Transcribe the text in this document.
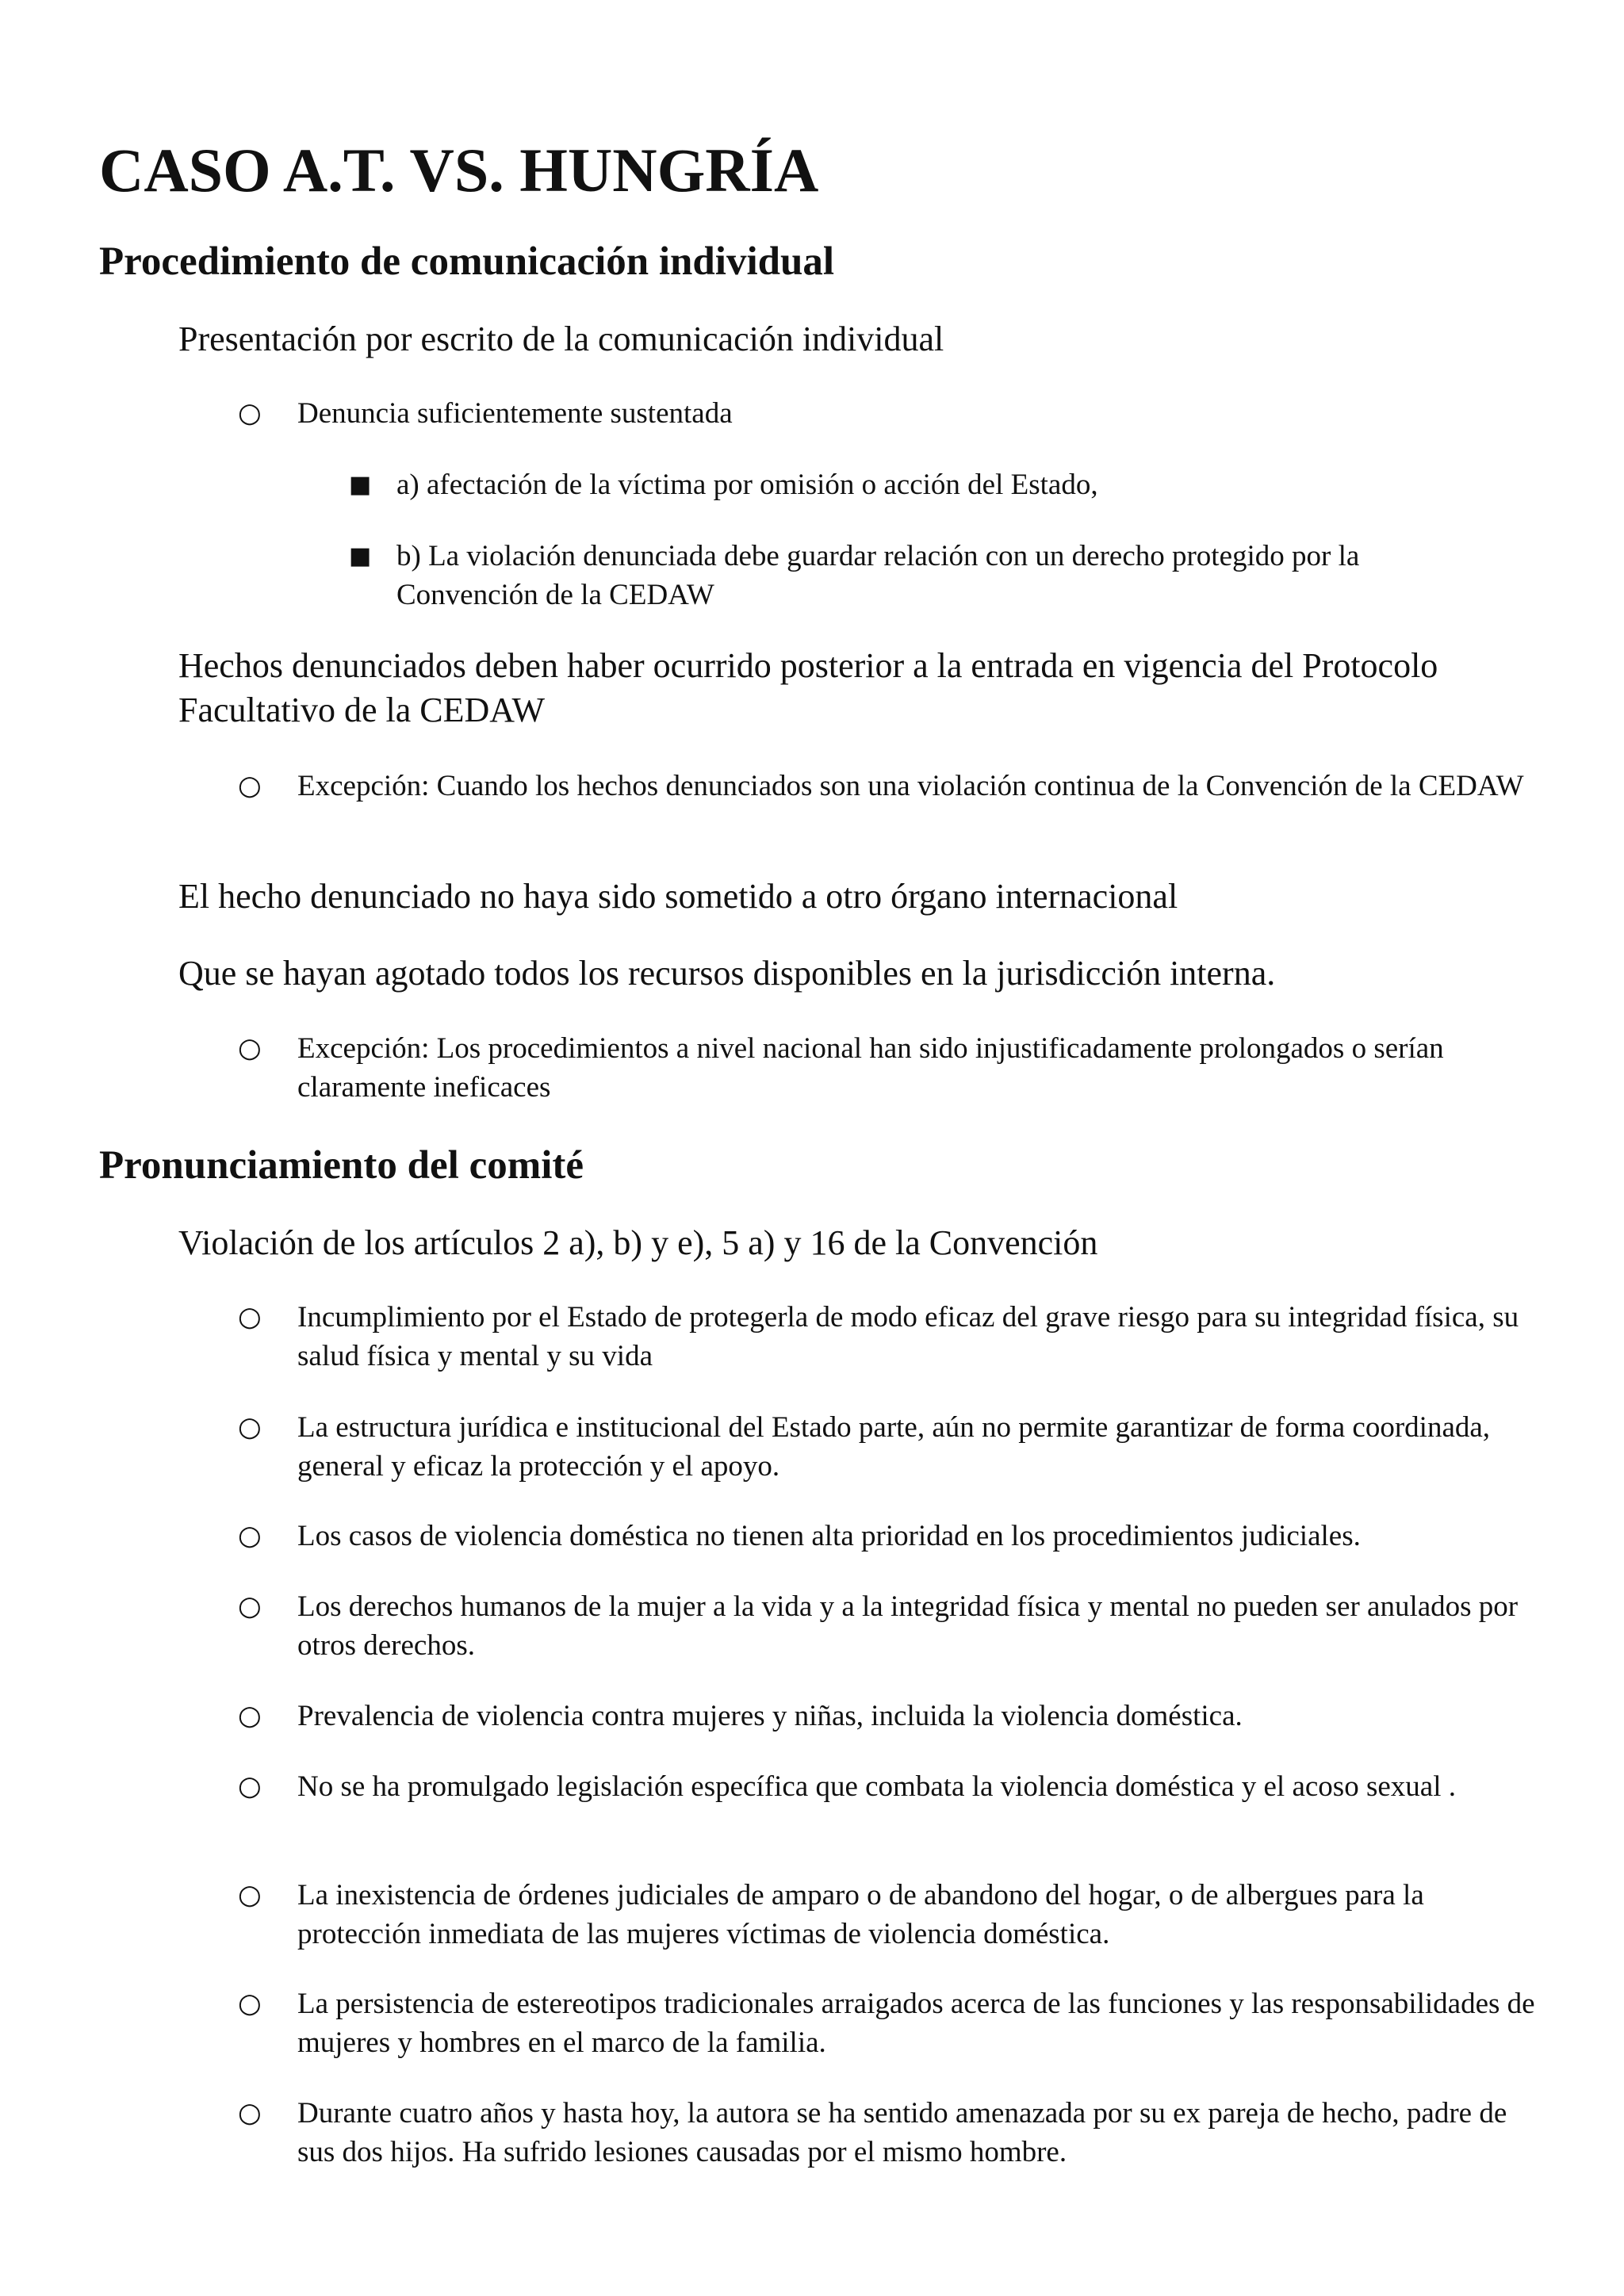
CASO A.T. VS. HUNGRÍA
Procedimiento de comunicación individual

Presentación por escrito de la comunicación individual

○ Denuncia suficientemente sustentada
■ a) afectación de la víctima por omisión o acción del Estado,
■ b) La violación denunciada debe guardar relación con un derecho protegido por la Convención de la CEDAW

Hechos denunciados deben haber ocurrido posterior a la entrada en vigencia del Protocolo Facultativo de la CEDAW

○ Excepción: Cuando los hechos denunciados son una violación continua de la Convención de la CEDAW

El hecho denunciado no haya sido sometido a otro órgano internacional

Que se hayan agotado todos los recursos disponibles en la jurisdicción interna.

○ Excepción: Los procedimientos a nivel nacional han sido injustificadamente prolongados o serían claramente ineficaces
Pronunciamiento del comité

Violación de los artículos 2 a), b) y e), 5 a) y 16 de la Convención

○ Incumplimiento por el Estado de protegerla de modo eficaz del grave riesgo para su integridad física, su salud física y mental y su vida
○ La estructura jurídica e institucional del Estado parte, aún no permite garantizar de forma coordinada, general y eficaz la protección y el apoyo.
○ Los casos de violencia doméstica no tienen alta prioridad en los procedimientos judiciales.
○ Los derechos humanos de la mujer a la vida y a la integridad física y mental no pueden ser anulados por otros derechos.
○ Prevalencia de violencia contra mujeres y niñas, incluida la violencia doméstica.
○ No se ha promulgado legislación específica que combata la violencia doméstica y el acoso sexual .
○ La inexistencia de órdenes judiciales de amparo o de abandono del hogar, o de albergues para la protección inmediata de las mujeres víctimas de violencia doméstica.
○ La persistencia de estereotipos tradicionales arraigados acerca de las funciones y las responsabilidades de mujeres y hombres en el marco de la familia.
○ Durante cuatro años y hasta hoy, la autora se ha sentido amenazada por su ex pareja de hecho, padre de sus dos hijos. Ha sufrido lesiones causadas por el mismo hombre.
